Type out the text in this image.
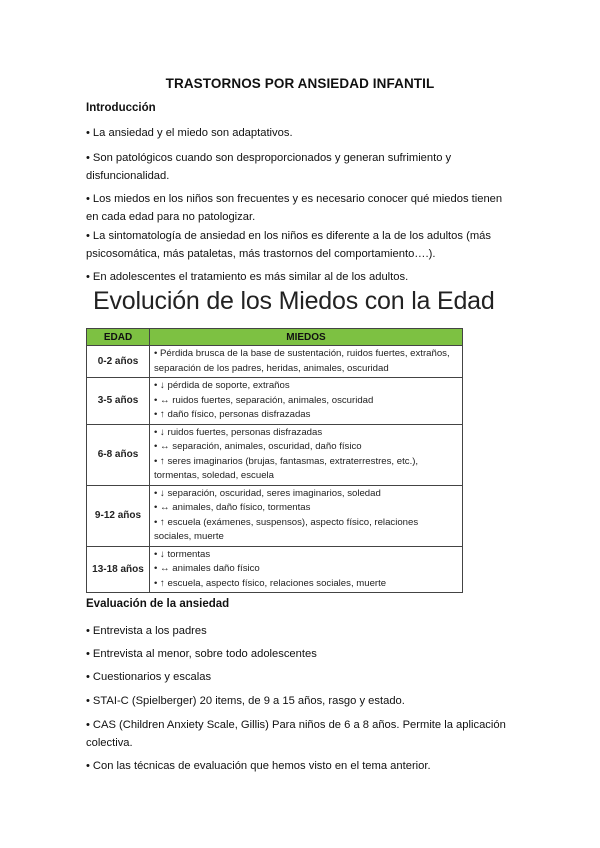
TRASTORNOS POR ANSIEDAD INFANTIL
Introducción
• La ansiedad y el miedo son adaptativos.
• Son patológicos cuando son desproporcionados y generan sufrimiento y disfuncionalidad.
• Los miedos en los niños son frecuentes y es necesario conocer qué miedos tienen en cada edad para no patologizar.
• La sintomatología de ansiedad en los niños es diferente a la de los adultos (más psicosomática, más pataletas, más trastornos del comportamiento….).
• En adolescentes el tratamiento es más similar al de los adultos.
Evolución de los Miedos con la Edad
EDAD	MIEDOS
0-2 años	• Pérdida brusca de la base de sustentación, ruidos fuertes, extraños, separación de los padres, heridas, animales, oscuridad

3-5 años	• ↓ pérdida de soporte, extraños
• ↔ ruidos fuertes, separación, animales, oscuridad
• ↑ daño físico, personas disfrazadas

6-8 años	• ↓ ruidos fuertes, personas disfrazadas
• ↔ separación, animales, oscuridad, daño físico
• ↑ seres imaginarios (brujas, fantasmas, extraterrestres, etc.), tormentas, soledad, escuela

9-12 años	• ↓ separación, oscuridad, seres imaginarios, soledad
• ↔ animales, daño físico, tormentas
• ↑ escuela (exámenes, suspensos), aspecto físico, relaciones sociales, muerte

13-18 años	• ↓ tormentas
• ↔ animales daño físico
• ↑ escuela, aspecto físico, relaciones sociales, muerte
Evaluación de la ansiedad
• Entrevista a los padres
• Entrevista al menor, sobre todo adolescentes
• Cuestionarios y escalas
• STAI-C (Spielberger) 20 items, de 9 a 15 años, rasgo y estado.
• CAS (Children Anxiety Scale, Gillis) Para niños de 6 a 8 años. Permite la aplicación colectiva.
• Con las técnicas de evaluación que hemos visto en el tema anterior.
